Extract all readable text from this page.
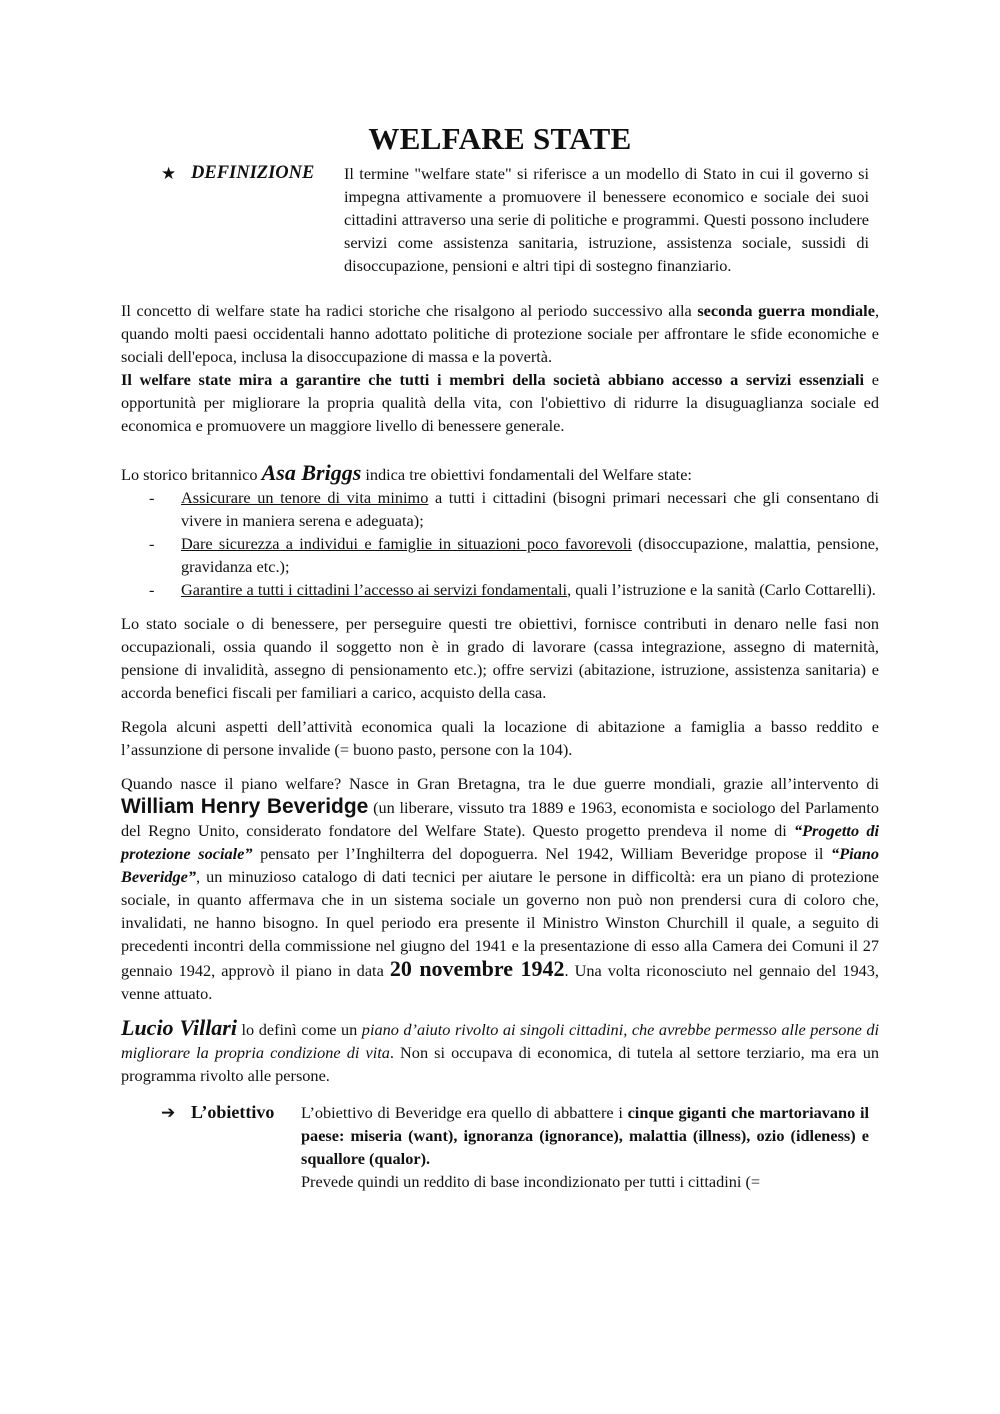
WELFARE STATE
★ DEFINIZIONE Il termine "welfare state" si riferisce a un modello di Stato in cui il governo si impegna attivamente a promuovere il benessere economico e sociale dei suoi cittadini attraverso una serie di politiche e programmi. Questi possono includere servizi come assistenza sanitaria, istruzione, assistenza sociale, sussidi di disoccupazione, pensioni e altri tipi di sostegno finanziario.

Il concetto di welfare state ha radici storiche che risalgono al periodo successivo alla seconda guerra mondiale, quando molti paesi occidentali hanno adottato politiche di protezione sociale per affrontare le sfide economiche e sociali dell'epoca, inclusa la disoccupazione di massa e la povertà.

Il welfare state mira a garantire che tutti i membri della società abbiano accesso a servizi essenziali e opportunità per migliorare la propria qualità della vita, con l'obiettivo di ridurre la disuguaglianza sociale ed economica e promuovere un maggiore livello di benessere generale.

Lo storico britannico Asa Briggs indica tre obiettivi fondamentali del Welfare state:

-	Assicurare un tenore di vita minimo a tutti i cittadini (bisogni primari necessari che gli consentano di vivere in maniera serena e adeguata);
-	Dare sicurezza a individui e famiglie in situazioni poco favorevoli (disoccupazione, malattia, pensione, gravidanza etc.);
-	Garantire a tutti i cittadini l’accesso ai servizi fondamentali, quali l’istruzione e la sanità (Carlo Cottarelli).

Lo stato sociale o di benessere, per perseguire questi tre obiettivi, fornisce contributi in denaro nelle fasi non occupazionali, ossia quando il soggetto non è in grado di lavorare (cassa integrazione, assegno di maternità, pensione di invalidità, assegno di pensionamento etc.); offre servizi (abitazione, istruzione, assistenza sanitaria) e accorda benefici fiscali per familiari a carico, acquisto della casa.

Regola alcuni aspetti dell’attività economica quali la locazione di abitazione a famiglia a basso reddito e l’assunzione di persone invalide (= buono pasto, persone con la 104).

Quando nasce il piano welfare? Nasce in Gran Bretagna, tra le due guerre mondiali, grazie all’intervento di William Henry Beveridge (un liberare, vissuto tra 1889 e 1963, economista e sociologo del Parlamento del Regno Unito, considerato fondatore del Welfare State). Questo progetto prendeva il nome di “Progetto di protezione sociale” pensato per l’Inghilterra del dopoguerra. Nel 1942, William Beveridge propose il “Piano Beveridge”, un minuzioso catalogo di dati tecnici per aiutare le persone in difficoltà: era un piano di protezione sociale, in quanto affermava che in un sistema sociale un governo non può non prendersi cura di coloro che, invalidati, ne hanno bisogno. In quel periodo era presente il Ministro Winston Churchill il quale, a seguito di precedenti incontri della commissione nel giugno del 1941 e la presentazione di esso alla Camera dei Comuni il 27 gennaio 1942, approvò il piano in data 20 novembre 1942. Una volta riconosciuto nel gennaio del 1943, venne attuato.

Lucio Villari lo definì come un piano d’aiuto rivolto ai singoli cittadini, che avrebbe permesso alle persone di migliorare la propria condizione di vita. Non si occupava di economica, di tutela al settore terziario, ma era un programma rivolto alle persone.

➔ L’obiettivo	L’obiettivo di Beveridge era quello di abbattere i cinque giganti che martoriavano il paese: miseria (want), ignoranza (ignorance), malattia (illness), ozio (idleness) e squallore (qualor).
Prevede quindi un reddito di base incondizionato per tutti i cittadini (=
